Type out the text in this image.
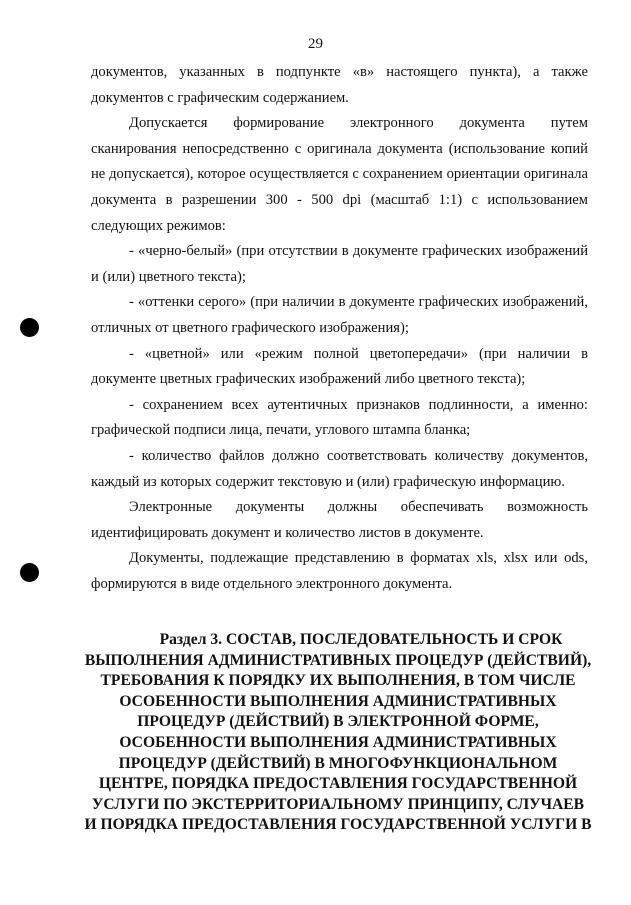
29

документов, указанных в подпункте «в» настоящего пункта), а также документов с графическим содержанием.

Допускается формирование электронного документа путем сканирования непосредственно с оригинала документа (использование копий не допускается), которое осуществляется с сохранением ориентации оригинала документа в разрешении 300 - 500 dpi (масштаб 1:1) с использованием следующих режимов:

- «черно-белый» (при отсутствии в документе графических изображений и (или) цветного текста);

- «оттенки серого» (при наличии в документе графических изображений, отличных от цветного графического изображения);

- «цветной» или «режим полной цветопередачи» (при наличии в документе цветных графических изображений либо цветного текста);

- сохранением всех аутентичных признаков подлинности, а именно: графической подписи лица, печати, углового штампа бланка;

- количество файлов должно соответствовать количеству документов, каждый из которых содержит текстовую и (или) графическую информацию.

Электронные документы должны обеспечивать возможность идентифицировать документ и количество листов в документе.

Документы, подлежащие представлению в форматах xls, xlsx или ods, формируются в виде отдельного электронного документа.

Раздел 3. СОСТАВ, ПОСЛЕДОВАТЕЛЬНОСТЬ И СРОК ВЫПОЛНЕНИЯ АДМИНИСТРАТИВНЫХ ПРОЦЕДУР (ДЕЙСТВИЙ), ТРЕБОВАНИЯ К ПОРЯДКУ ИХ ВЫПОЛНЕНИЯ, В ТОМ ЧИСЛЕ ОСОБЕННОСТИ ВЫПОЛНЕНИЯ АДМИНИСТРАТИВНЫХ ПРОЦЕДУР (ДЕЙСТВИЙ) В ЭЛЕКТРОННОЙ ФОРМЕ, ОСОБЕННОСТИ ВЫПОЛНЕНИЯ АДМИНИСТРАТИВНЫХ ПРОЦЕДУР (ДЕЙСТВИЙ) В МНОГОФУНКЦИОНАЛЬНОМ ЦЕНТРЕ, ПОРЯДКА ПРЕДОСТАВЛЕНИЯ ГОСУДАРСТВЕННОЙ УСЛУГИ ПО ЭКСТЕРРИТОРИАЛЬНОМУ ПРИНЦИПУ, СЛУЧАЕВ И ПОРЯДКА ПРЕДОСТАВЛЕНИЯ ГОСУДАРСТВЕННОЙ УСЛУГИ В
